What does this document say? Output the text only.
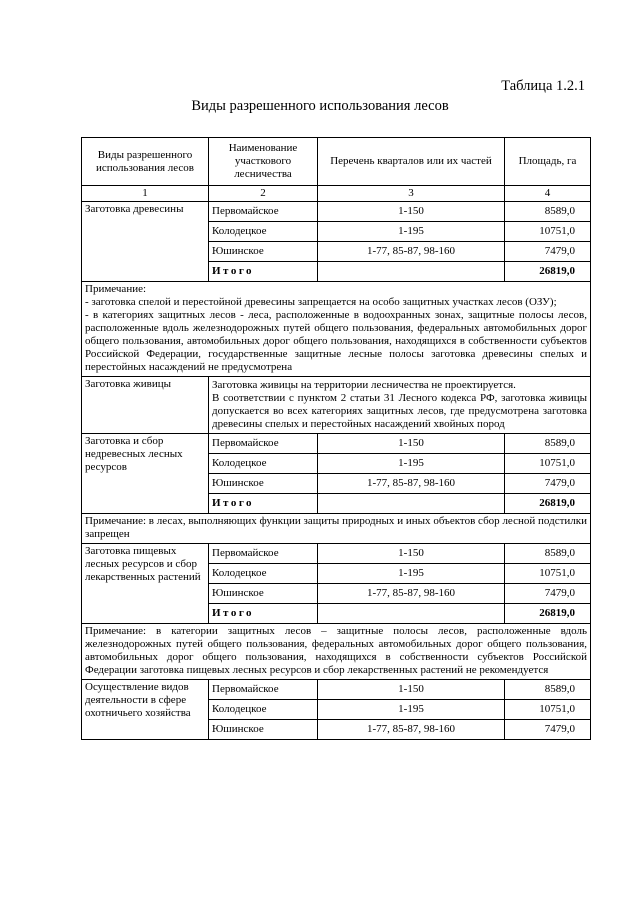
Таблица 1.2.1
Виды разрешенного использования лесов
Виды разрешенного использования лесов	Наименование участкового лесничества	Перечень кварталов или их частей	Площадь, га
1	2	3	4
Заготовка древесины	Первомайское	1-150	8589,0
	Колодецкое	1-195	10751,0
	Юшинское	1-77, 85-87, 98-160	7479,0
	Итого		26819,0

Примечание:
- заготовка спелой и перестойной древесины запрещается на особо защитных участках лесов (ОЗУ);
- в категориях защитных лесов - леса, расположенные в водоохранных зонах, защитные полосы лесов, расположенные вдоль железнодорожных путей общего пользования, федеральных автомобильных дорог общего пользования, автомобильных дорог общего пользования, находящихся в собственности субъектов Российской Федерации, государственные защитные лесные полосы заготовка древесины спелых и перестойных насаждений не предусмотрена			

Заготовка живицы	Заготовка живицы на территории лесничества не проектируется.
В соответствии с пунктом 2 статьи 31 Лесного кодекса РФ, заготовка живицы допускается во всех категориях защитных лесов, где предусмотрена заготовка древесины спелых и перестойных насаждений хвойных пород		

Заготовка и сбор недревесных лесных ресурсов	Первомайское	1-150	8589,0
	Колодецкое	1-195	10751,0
	Юшинское	1-77, 85-87, 98-160	7479,0
	Итого		26819,0
Примечание: в лесах, выполняющих функции защиты природных и иных объектов сбор лесной подстилки запрещен			
Заготовка пищевых лесных ресурсов и сбор лекарственных растений	Первомайское	1-150	8589,0
	Колодецкое	1-195	10751,0
	Юшинское	1-77, 85-87, 98-160	7479,0
	Итого		26819,0
Примечание: в категории защитных лесов – защитные полосы лесов, расположенные вдоль железнодорожных путей общего пользования, федеральных автомобильных дорог общего пользования, автомобильных дорог общего пользования, находящихся в собственности субъектов Российской Федерации заготовка пищевых лесных ресурсов и сбор лекарственных растений не рекомендуется			
Осуществление видов деятельности в сфере охотничьего хозяйства	Первомайское	1-150	8589,0
	Колодецкое	1-195	10751,0
	Юшинское	1-77, 85-87, 98-160	7479,0
